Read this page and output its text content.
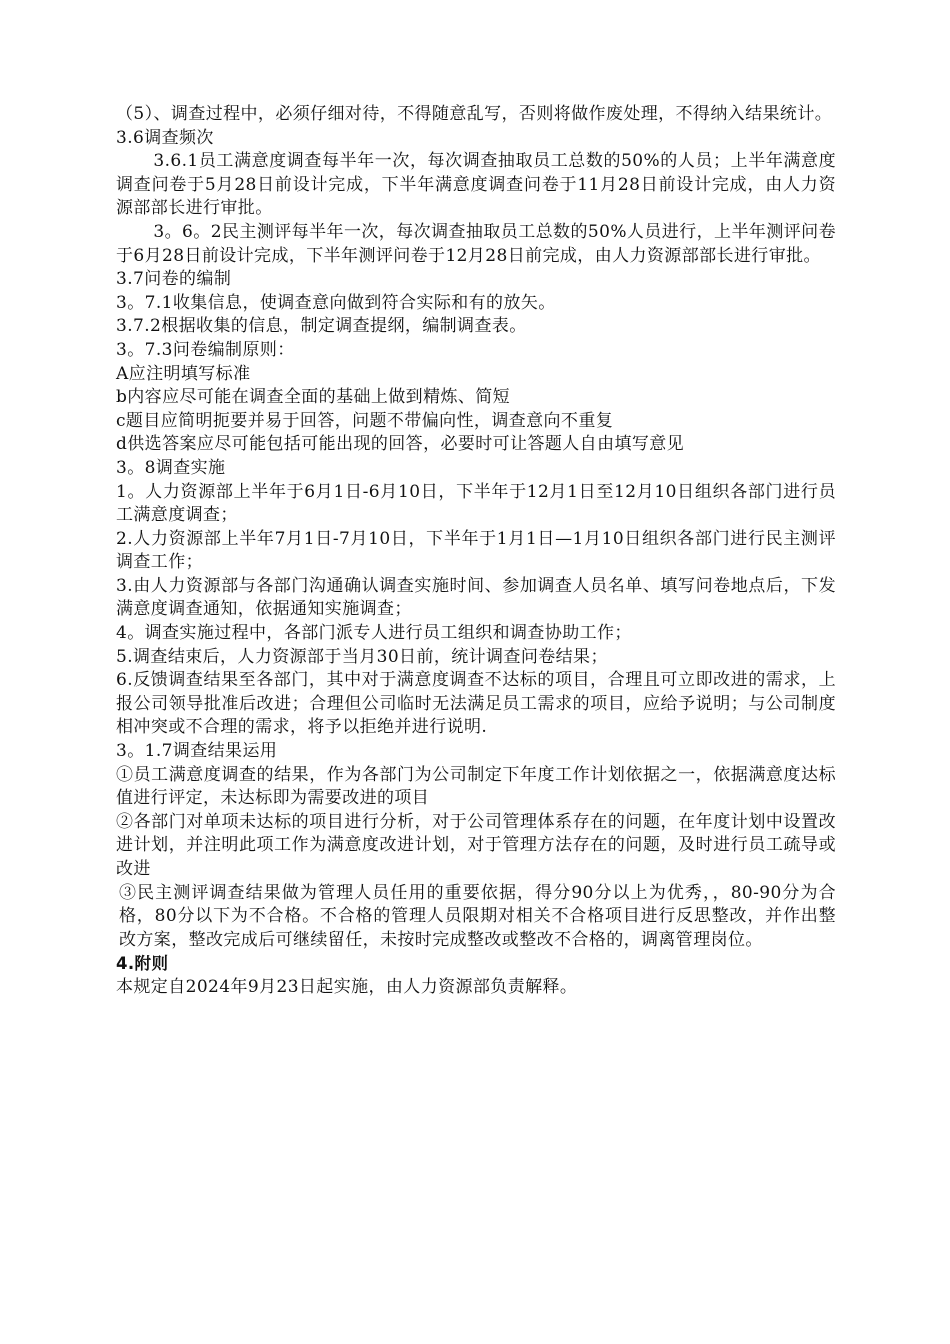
（5）、调查过程中，必须仔细对待，不得随意乱写，否则将做作废处理，不得纳入结果统计。

3.6调查频次

3.6.1员工满意度调查每半年一次，每次调查抽取员工总数的50%的人员；上半年满意度调查问卷于5月28日前设计完成，下半年满意度调查问卷于11月28日前设计完成，由人力资源部部长进行审批。

3。6。2民主测评每半年一次，每次调查抽取员工总数的50%人员进行，上半年测评问卷于6月28日前设计完成，下半年测评问卷于12月28日前完成，由人力资源部部长进行审批。

3.7问卷的编制

3。7.1收集信息，使调查意向做到符合实际和有的放矢。

3.7.2根据收集的信息，制定调查提纲，编制调查表。

3。7.3问卷编制原则：

A应注明填写标准

b内容应尽可能在调查全面的基础上做到精炼、简短

c题目应简明扼要并易于回答，问题不带偏向性，调查意向不重复

d供选答案应尽可能包括可能出现的回答，必要时可让答题人自由填写意见

3。8调查实施

1。人力资源部上半年于6月1日-6月10日，下半年于12月1日至12月10日组织各部门进行员工满意度调查；

2.人力资源部上半年7月1日-7月10日，下半年于1月1日—1月10日组织各部门进行民主测评调查工作；

3.由人力资源部与各部门沟通确认调查实施时间、参加调查人员名单、填写问卷地点后，下发满意度调查通知，依据通知实施调查；

4。调查实施过程中，各部门派专人进行员工组织和调查协助工作；

5.调查结束后，人力资源部于当月30日前，统计调查问卷结果；

6.反馈调查结果至各部门，其中对于满意度调查不达标的项目，合理且可立即改进的需求，上报公司领导批准后改进；合理但公司临时无法满足员工需求的项目，应给予说明；与公司制度相冲突或不合理的需求，将予以拒绝并进行说明.

3。1.7调查结果运用

①员工满意度调查的结果，作为各部门为公司制定下年度工作计划依据之一，依据满意度达标值进行评定，未达标即为需要改进的项目

②各部门对单项未达标的项目进行分析，对于公司管理体系存在的问题，在年度计划中设置改进计划，并注明此项工作为满意度改进计划，对于管理方法存在的问题，及时进行员工疏导或改进

③民主测评调查结果做为管理人员任用的重要依据，得分90分以上为优秀，，80-90分为合格，80分以下为不合格。不合格的管理人员限期对相关不合格项目进行反思整改，并作出整改方案，整改完成后可继续留任，未按时完成整改或整改不合格的，调离管理岗位。

4.附则

本规定自2024年9月23日起实施，由人力资源部负责解释。
